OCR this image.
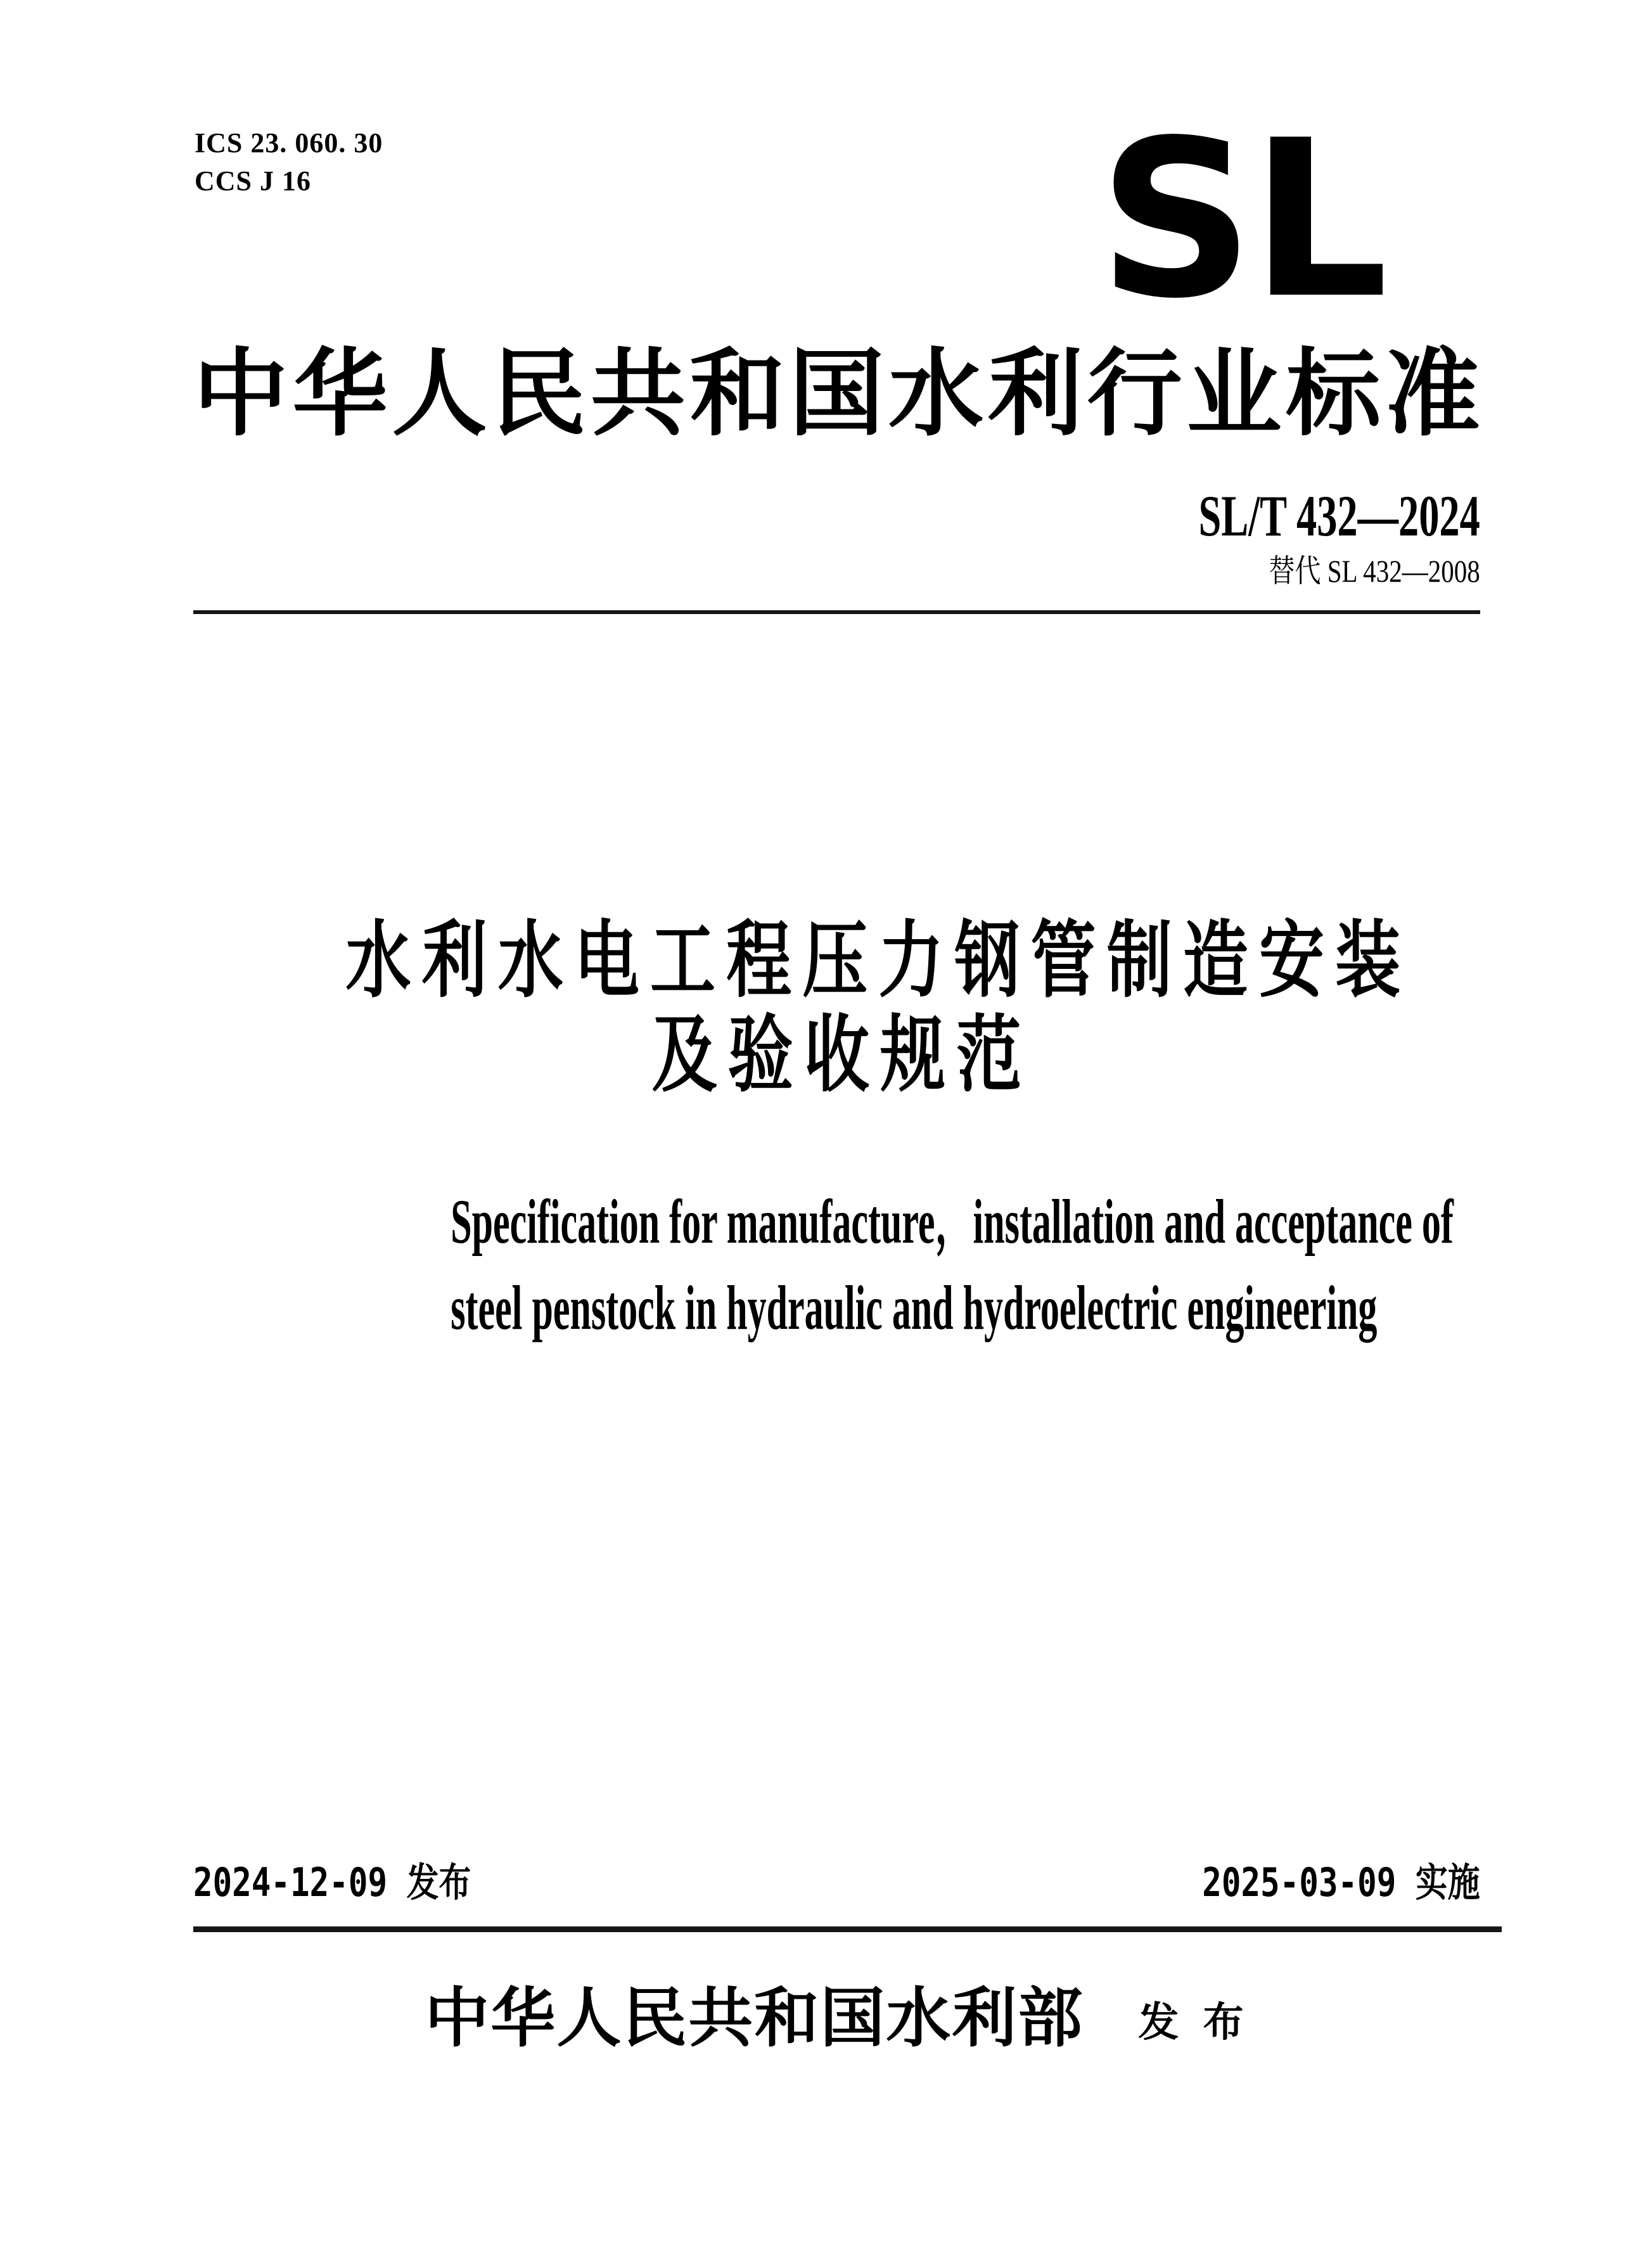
ICS 23. 060. 30
CCS J 16	SL
中 华 人 民 共 和 国 水 利 行 业 标 准
SL/T 432—2024
替代 SL 432—2008
水利水电工程压力钢管制造安装
及验收规范
Specification for manufacture，installation and acceptance of
steel penstock in hydraulic and hydroelectric engineering
2024-12-09 发布	2025-03-09 实施
中华人民共和国水利部 发 布
